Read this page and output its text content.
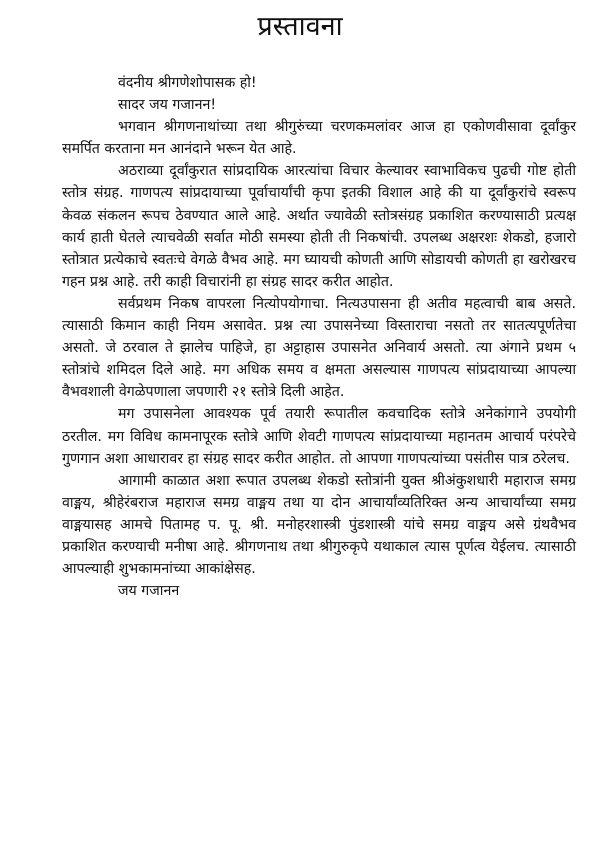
प्रस्तावना

वंदनीय श्रीगणेशोपासक हो!

सादर जय गजानन!

भगवान श्रीगणनाथांच्या तथा श्रीगुरुंच्या चरणकमलांवर आज हा एकोणवीसावा दूर्वांकुर समर्पित करताना मन आनंदाने भरून येत आहे.

अठराव्या दूर्वांकुरात सांप्रदायिक आरत्यांचा विचार केल्यावर स्वाभाविकच पुढची गोष्ट होती स्तोत्र संग्रह. गाणपत्य सांप्रदायाच्या पूर्वाचार्यांची कृपा इतकी विशाल आहे की या दूर्वांकुरांचे स्वरूप केवळ संकलन रूपच ठेवण्यात आले आहे. अर्थात ज्यावेळी स्तोत्रसंग्रह प्रकाशित करण्यासाठी प्रत्यक्ष कार्य हाती घेतले त्याचवेळी सर्वात मोठी समस्या होती ती निकषांची. उपलब्ध अक्षरशः शेकडो, हजारो स्तोत्रात प्रत्येकाचे स्वतःचे वेगळे वैभव आहे. मग घ्यायची कोणती आणि सोडायची कोणती हा खरोखरच गहन प्रश्न आहे. तरी काही विचारांनी हा संग्रह सादर करीत आहोत.

सर्वप्रथम निकष वापरला नित्योपयोगाचा. नित्यउपासना ही अतीव महत्वाची बाब असते. त्यासाठी किमान काही नियम असावेत. प्रश्न त्या उपासनेच्या विस्ताराचा नसतो तर सातत्यपूर्णतेचा असतो. जे ठरवाल ते झालेच पाहिजे, हा अट्टाहास उपासनेत अनिवार्य असतो. त्या अंगाने प्रथम ५ स्तोत्रांचे शमिदल दिले आहे. मग अधिक समय व क्षमता असल्यास गाणपत्य सांप्रदायाच्या आपल्या वैभवशाली वेगळेपणाला जपणारी २१ स्तोत्रे दिली आहेत.

मग उपासनेला आवश्यक पूर्व तयारी रूपातील कवचादिक स्तोत्रे अनेकांगाने उपयोगी ठरतील. मग विविध कामनापूरक स्तोत्रे आणि शेवटी गाणपत्य सांप्रदायाच्या महानतम आचार्य परंपरेचे गुणगान अशा आधारावर हा संग्रह सादर करीत आहोत. तो आपणा गाणपत्यांच्या पसंतीस पात्र ठरेलच.

आगामी काळात अशा रूपात उपलब्ध शेकडो स्तोत्रांनी युक्त श्रीअंकुशधारी महाराज समग्र वाङ्मय, श्रीहेरंबराज महाराज समग्र वाङ्मय तथा या दोन आचार्यांव्यतिरिक्त अन्य आचार्यांच्या समग्र वाङ्मयासह आमचे पितामह प. पू. श्री. मनोहरशास्त्री पुंडशास्त्री यांचे समग्र वाङ्मय असे ग्रंथवैभव प्रकाशित करण्याची मनीषा आहे. श्रीगणनाथ तथा श्रीगुरुकृपे यथाकाल त्यास पूर्णत्व येईलच. त्यासाठी आपल्याही शुभकामनांच्या आकांक्षेसह.

जय गजानन
